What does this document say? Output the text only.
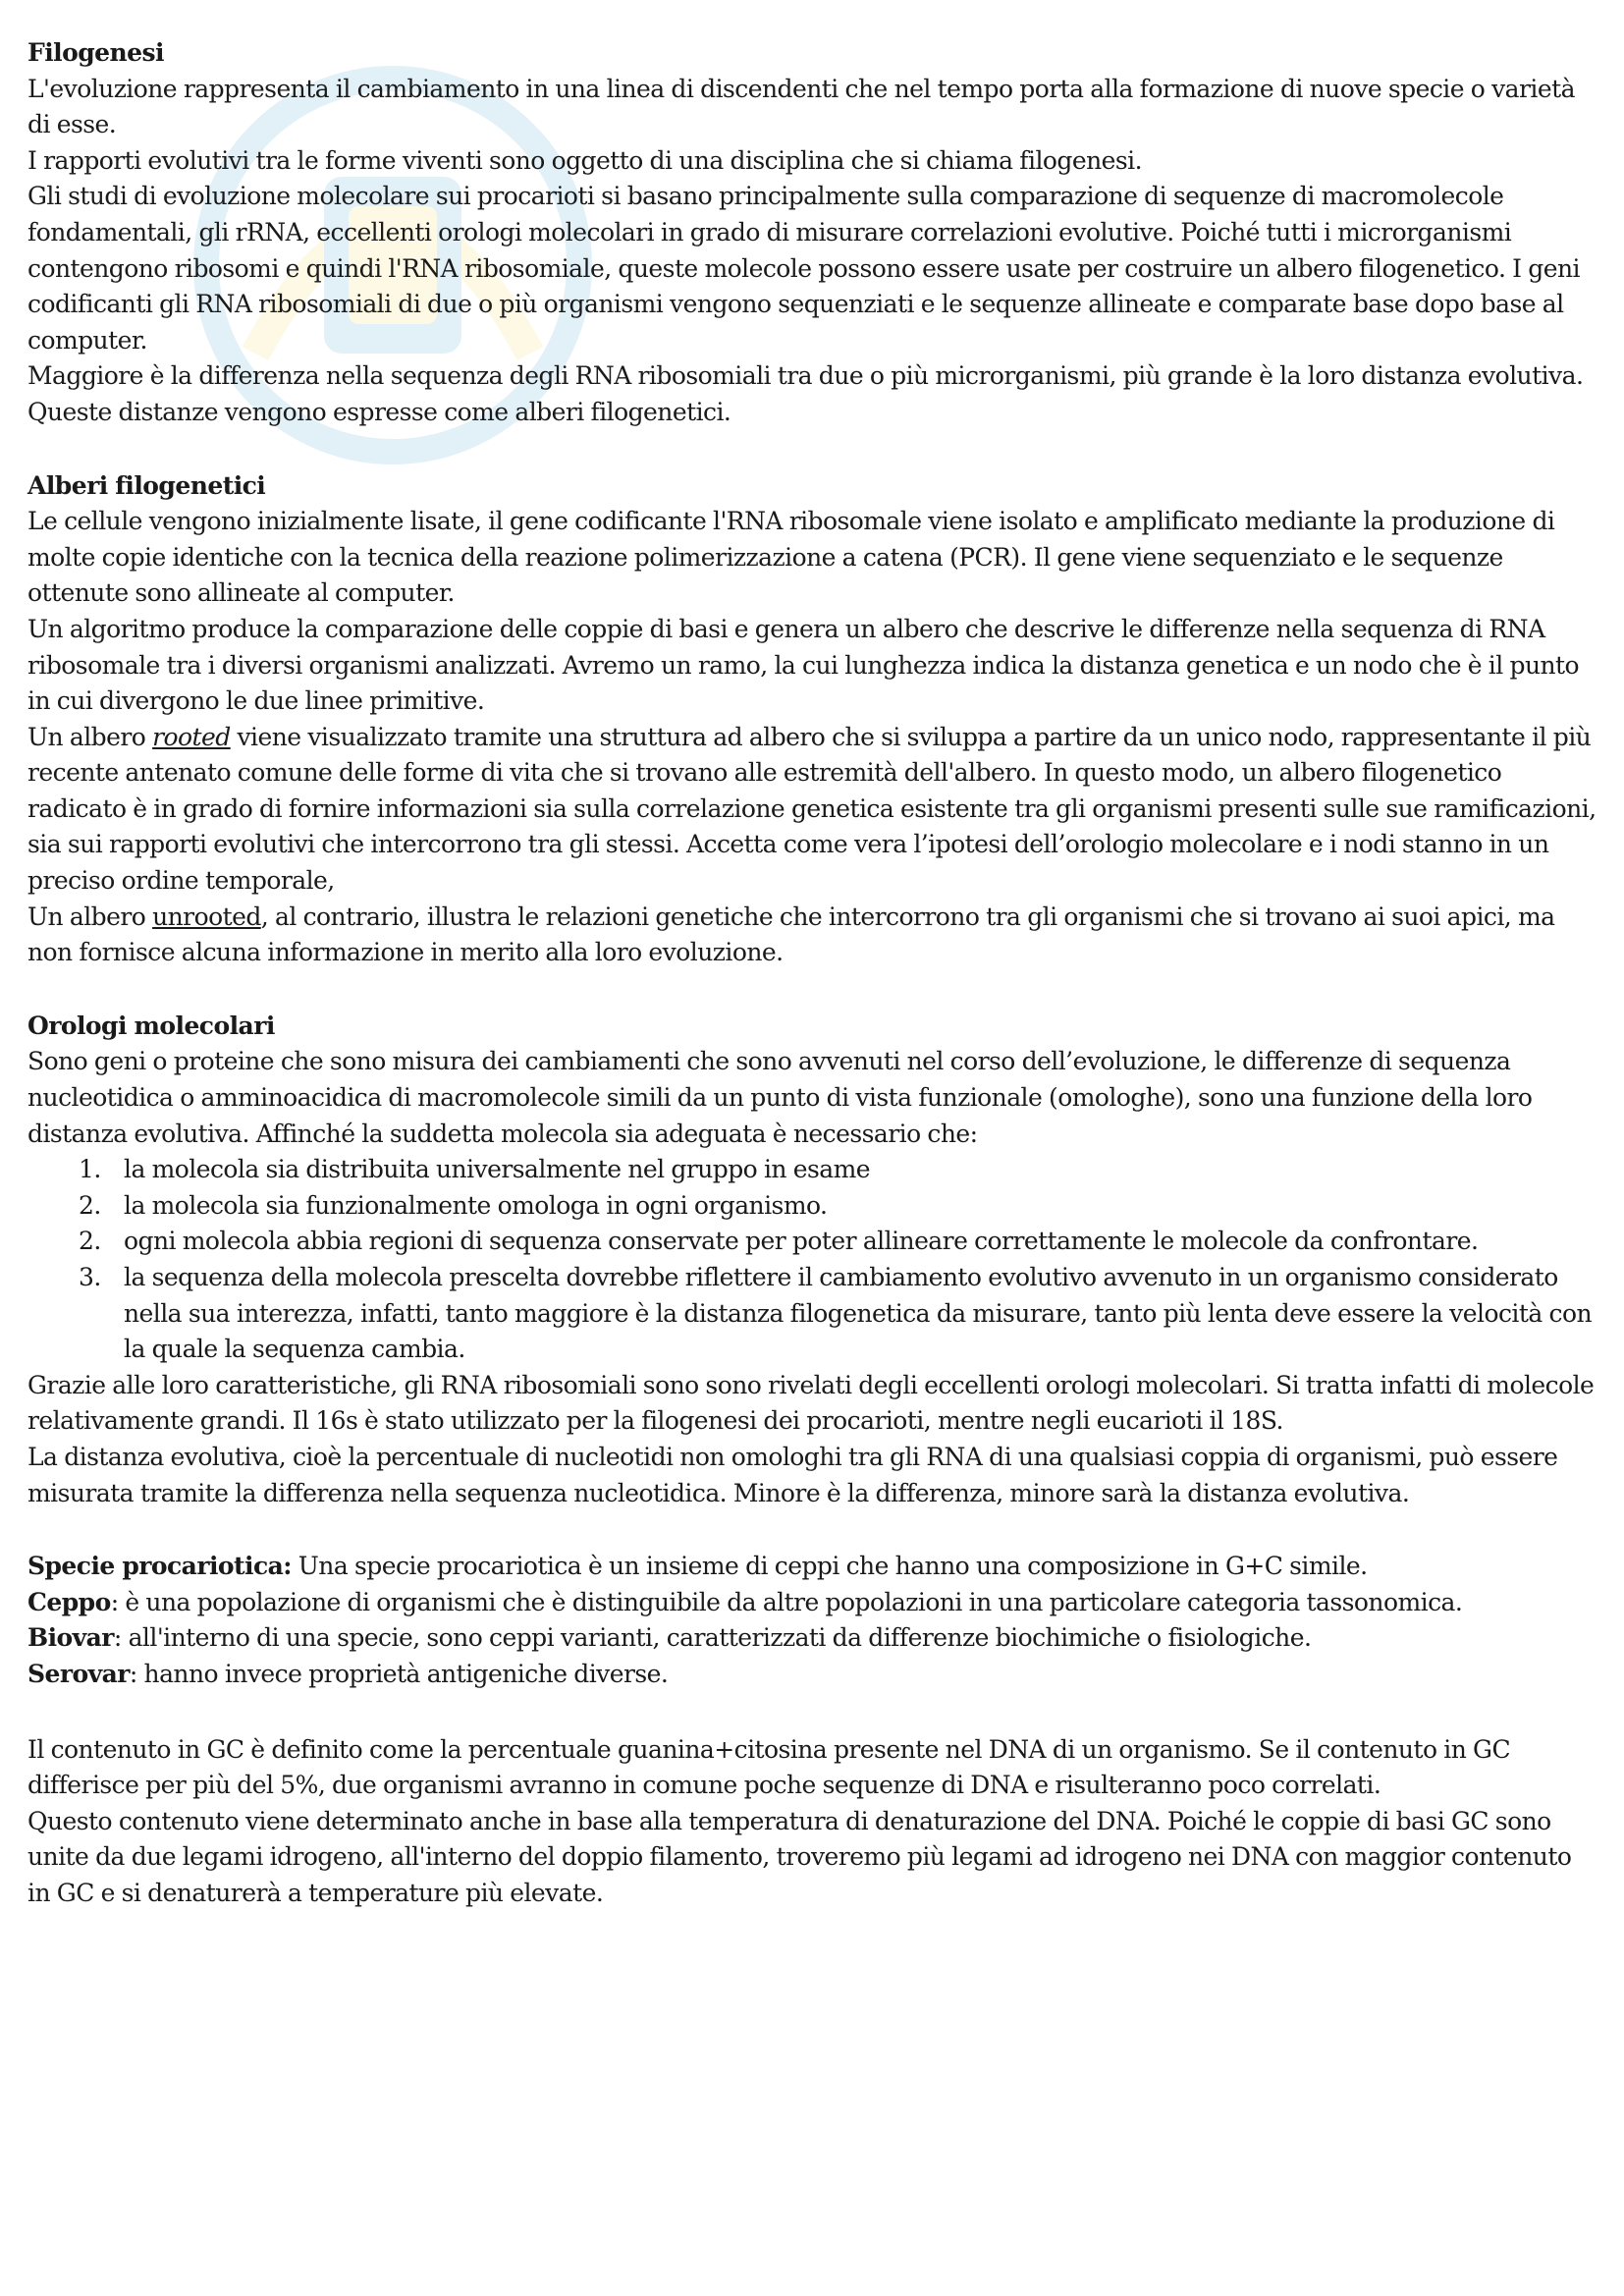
Filogenesi

L'evoluzione rappresenta il cambiamento in una linea di discendenti che nel tempo porta alla formazione di nuove specie o varietà di esse.

I rapporti evolutivi tra le forme viventi sono oggetto di una disciplina che si chiama filogenesi.

Gli studi di evoluzione molecolare sui procarioti si basano principalmente sulla comparazione di sequenze di macromolecole fondamentali, gli rRNA, eccellenti orologi molecolari in grado di misurare correlazioni evolutive. Poiché tutti i microrganismi contengono ribosomi e quindi l'RNA ribosomiale, queste molecole possono essere usate per costruire un albero filogenetico. I geni codificanti gli RNA ribosomiali di due o più organismi vengono sequenziati e le sequenze allineate e comparate base dopo base al computer.

Maggiore è la differenza nella sequenza degli RNA ribosomiali tra due o più microrganismi, più grande è la loro distanza evolutiva. Queste distanze vengono espresse come alberi filogenetici.

Alberi filogenetici

Le cellule vengono inizialmente lisate, il gene codificante l'RNA ribosomale viene isolato e amplificato mediante la produzione di molte copie identiche con la tecnica della reazione polimerizzazione a catena (PCR). Il gene viene sequenziato e le sequenze ottenute sono allineate al computer.

Un algoritmo produce la comparazione delle coppie di basi e genera un albero che descrive le differenze nella sequenza di RNA ribosomale tra i diversi organismi analizzati. Avremo un ramo, la cui lunghezza indica la distanza genetica e un nodo che è il punto in cui divergono le due linee primitive.

Un albero rooted viene visualizzato tramite una struttura ad albero che si sviluppa a partire da un unico nodo, rappresentante il più recente antenato comune delle forme di vita che si trovano alle estremità dell'albero. In questo modo, un albero filogenetico radicato è in grado di fornire informazioni sia sulla correlazione genetica esistente tra gli organismi presenti sulle sue ramificazioni, sia sui rapporti evolutivi che intercorrono tra gli stessi. Accetta come vera l’ipotesi dell’orologio molecolare e i nodi stanno in un preciso ordine temporale,

Un albero unrooted, al contrario, illustra le relazioni genetiche che intercorrono tra gli organismi che si trovano ai suoi apici, ma non fornisce alcuna informazione in merito alla loro evoluzione.

Orologi molecolari

Sono geni o proteine che sono misura dei cambiamenti che sono avvenuti nel corso dell’evoluzione, le differenze di sequenza nucleotidica o amminoacidica di macromolecole simili da un punto di vista funzionale (omologhe), sono una funzione della loro distanza evolutiva. Affinché la suddetta molecola sia adeguata è necessario che:

1. la molecola sia distribuita universalmente nel gruppo in esame
2. la molecola sia funzionalmente omologa in ogni organismo.
2. ogni molecola abbia regioni di sequenza conservate per poter allineare correttamente le molecole da confrontare.
3. la sequenza della molecola prescelta dovrebbe riflettere il cambiamento evolutivo avvenuto in un organismo considerato nella sua interezza, infatti, tanto maggiore è la distanza filogenetica da misurare, tanto più lenta deve essere la velocità con la quale la sequenza cambia.

Grazie alle loro caratteristiche, gli RNA ribosomiali sono sono rivelati degli eccellenti orologi molecolari. Si tratta infatti di molecole relativamente grandi. Il 16s è stato utilizzato per la filogenesi dei procarioti, mentre negli eucarioti il 18S.

La distanza evolutiva, cioè la percentuale di nucleotidi non omologhi tra gli RNA di una qualsiasi coppia di organismi, può essere misurata tramite la differenza nella sequenza nucleotidica. Minore è la differenza, minore sarà la distanza evolutiva.

Specie procariotica: Una specie procariotica è un insieme di ceppi che hanno una composizione in G+C simile.

Ceppo: è una popolazione di organismi che è distinguibile da altre popolazioni in una particolare categoria tassonomica.

Biovar: all'interno di una specie, sono ceppi varianti, caratterizzati da differenze biochimiche o fisiologiche.

Serovar: hanno invece proprietà antigeniche diverse.

Il contenuto in GC è definito come la percentuale guanina+citosina presente nel DNA di un organismo. Se il contenuto in GC differisce per più del 5%, due organismi avranno in comune poche sequenze di DNA e risulteranno poco correlati.

Questo contenuto viene determinato anche in base alla temperatura di denaturazione del DNA. Poiché le coppie di basi GC sono unite da due legami idrogeno, all'interno del doppio filamento, troveremo più legami ad idrogeno nei DNA con maggior contenuto in GC e si denaturerà a temperature più elevate.
